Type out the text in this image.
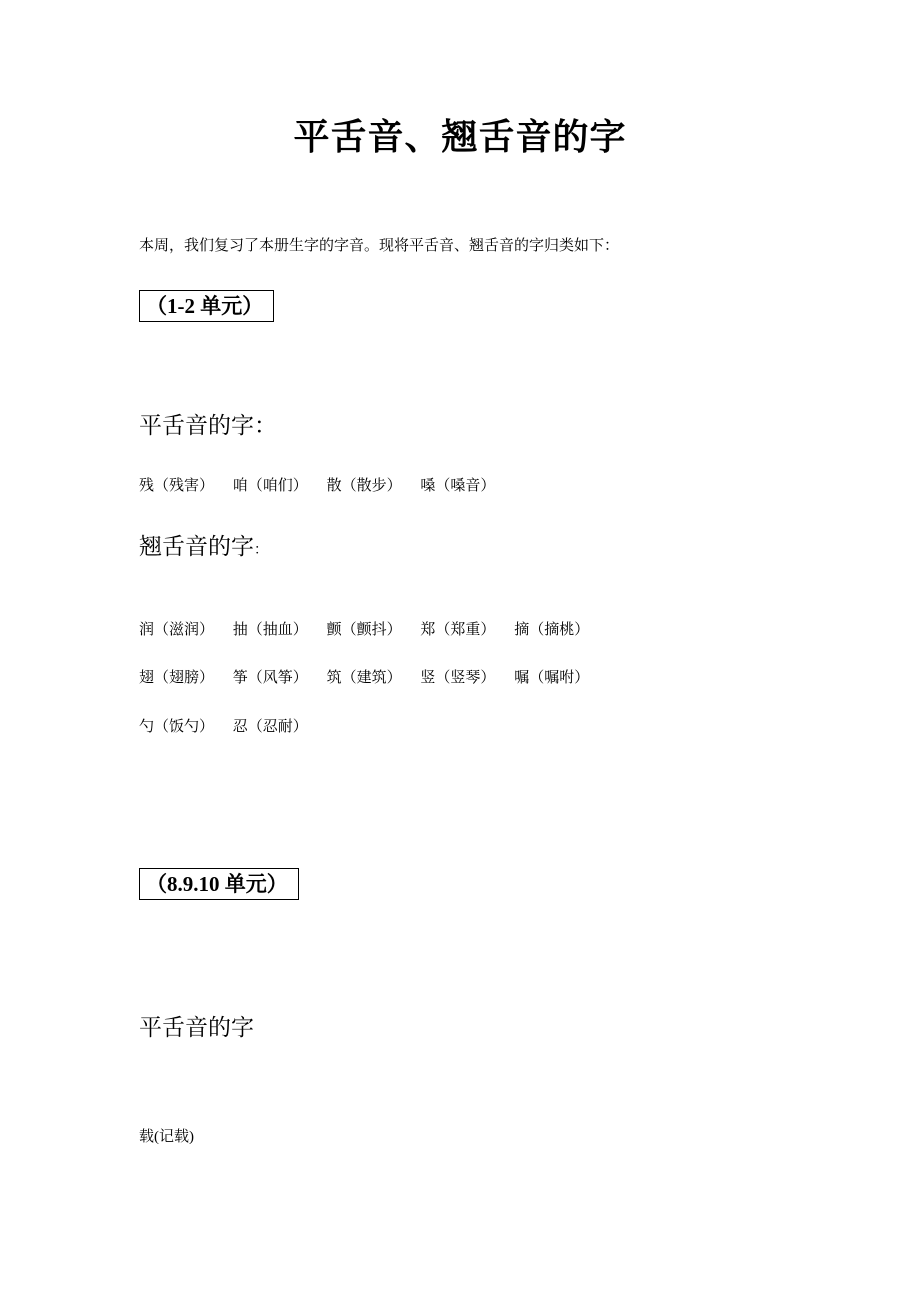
平舌音、翘舌音的字
本周，我们复习了本册生字的字音。现将平舌音、翘舌音的字归类如下：
（1-2 单元）
平舌音的字：
残（残害） 咱（咱们） 散（散步） 嗓（嗓音）
翘舌音的字：
润（滋润） 抽（抽血） 颤（颤抖） 郑（郑重） 摘（摘桃）
翅（翅膀） 筝（风筝） 筑（建筑） 竖（竖琴） 嘱（嘱咐）
勺（饭勺） 忍（忍耐）
（8.9.10 单元）
平舌音的字
载(记载)
